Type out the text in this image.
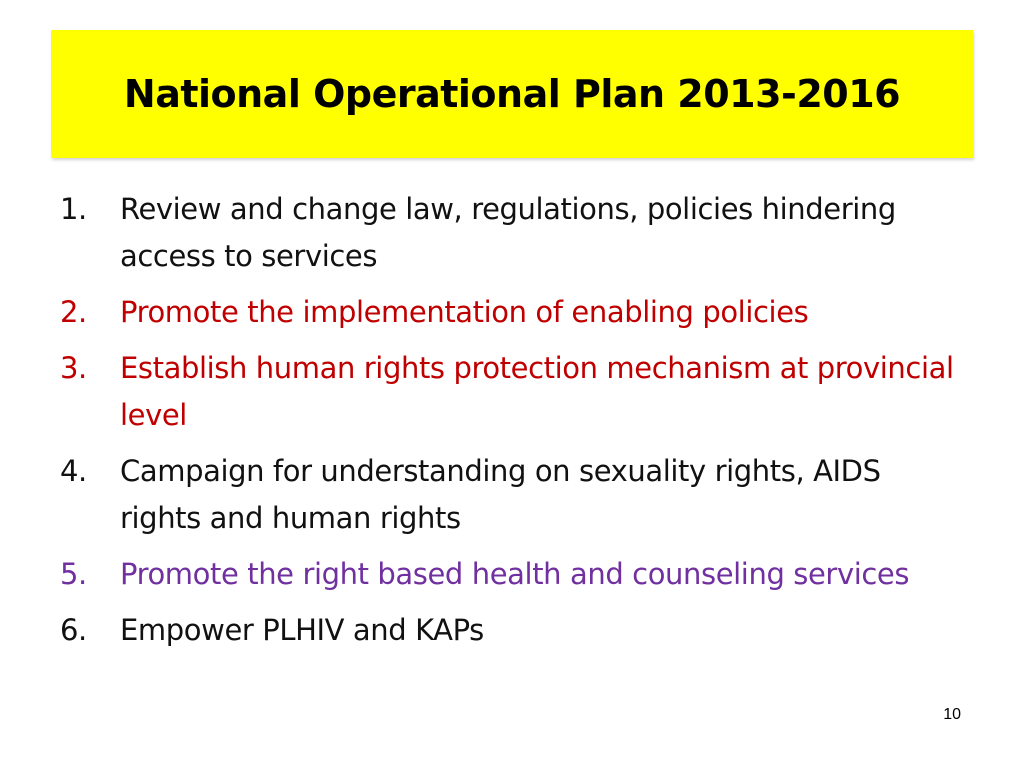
National Operational Plan 2013-2016
1.	Review and change law, regulations, policies hindering access to services
2.	Promote the implementation of enabling policies
3.	Establish human rights protection mechanism at provincial level
4.	Campaign for understanding on sexuality rights, AIDS rights and human rights
5.	Promote the right based health and counseling services
6.	Empower PLHIV and KAPs
10
